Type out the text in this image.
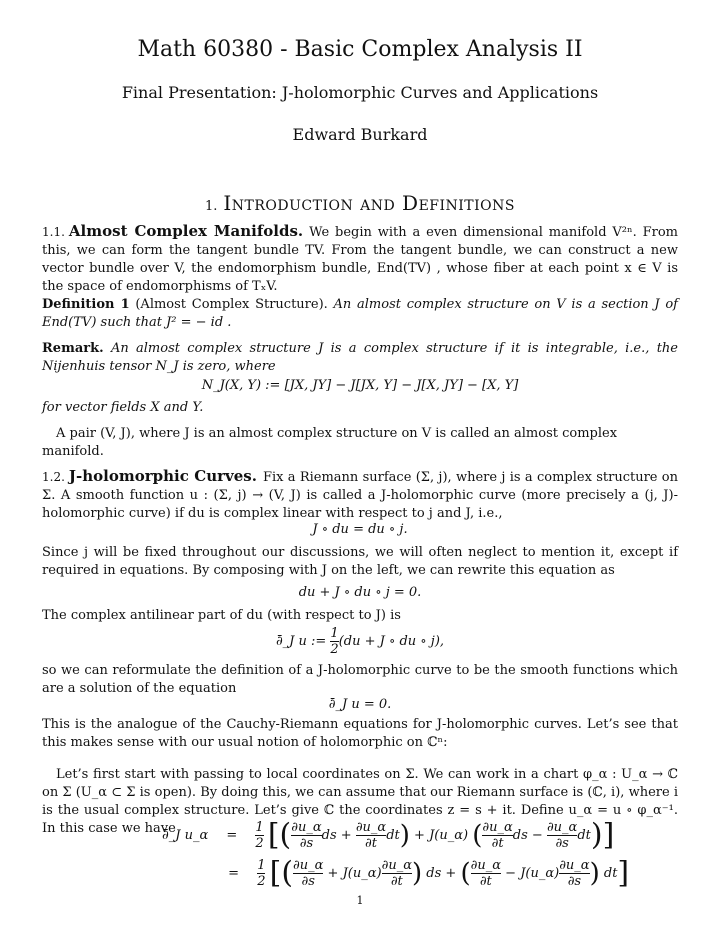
Math 60380 - Basic Complex Analysis II
Final Presentation: J-holomorphic Curves and Applications
Edward Burkard
1. Introduction and Definitions
1.1. Almost Complex Manifolds. We begin with a even dimensional manifold V²ⁿ. From this, we can form the tangent bundle TV. From the tangent bundle, we can construct a new vector bundle over V, the endomorphism bundle, End(TV) , whose fiber at each point x ∈ V is the space of endomorphisms of TₓV.
Definition 1 (Almost Complex Structure). An almost complex structure on V is a section J of End(TV) such that J² = − id .
Remark. An almost complex structure J is a complex structure if it is integrable, i.e., the Nijenhuis tensor N_J is zero, where
N_J(X, Y) := [JX, JY] − J[JX, Y] − J[X, JY] − [X, Y]
for vector fields X and Y.
A pair (V, J), where J is an almost complex structure on V is called an almost complex manifold.
1.2. J-holomorphic Curves. Fix a Riemann surface (Σ, j), where j is a complex structure on Σ. A smooth function u : (Σ, j) → (V, J) is called a J-holomorphic curve (more precisely a (j, J)-holomorphic curve) if du is complex linear with respect to j and J, i.e.,
J ∘ du = du ∘ j.
Since j will be fixed throughout our discussions, we will often neglect to mention it, except if required in equations. By composing with J on the left, we can rewrite this equation as
du + J ∘ du ∘ j = 0.
The complex antilinear part of du (with respect to J) is
∂̄_J u := $\frac{1}{2} (du + J$ ∘ du ∘ j),
so we can reformulate the definition of a J-holomorphic curve to be the smooth functions which are a solution of the equation
∂̄_J u = 0.
This is the analogue of the Cauchy-Riemann equations for J-holomorphic curves. Let’s see that this makes sense with our usual notion of holomorphic on ℂⁿ:
Let’s first start with passing to local coordinates on Σ. We can work in a chart φ_α : U_α → ℂ on Σ (U_α ⊂ Σ is open). By doing this, we can assume that our Riemann surface is (ℂ, i), where i is the usual complex structure. Let’s give ℂ the coordinates z = s + it. Define u_α = u ∘ φ_α⁻¹. In this case we have
∂̄_J u_α = $\frac{1}{2}$ [( $\frac{\partial u\_\alpha}{\partial s}$ ds + $\frac{\partial u\_\alpha}{\partial t} dt$) + J(u_α) ( $\frac{\partial u\_\alpha}{\partial t}$ ds − $\frac{\partial u\_\alpha}{\partial s} dt$)]
= $\frac{1}{2}$ [( $\frac{\partial u\_\alpha}{\partial s}$ + J(u_α) $\frac{\partial u\_\alpha}{\partial t}$ ) ds + ( $\frac{\partial u\_\alpha}{\partial t}$ − J(u_α) $\frac{\partial u\_\alpha}{\partial s}$ ) dt]
1
